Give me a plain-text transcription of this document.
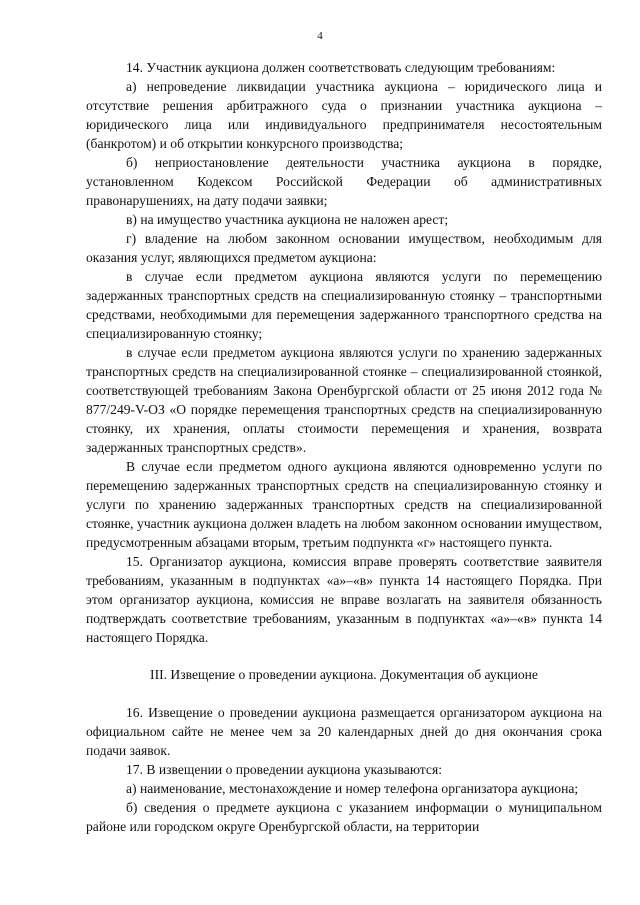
4

14. Участник аукциона должен соответствовать следующим требованиям:

а) непроведение ликвидации участника аукциона – юридического лица и отсутствие решения арбитражного суда о признании участника аукциона – юридического лица или индивидуального предпринимателя несостоятельным (банкротом) и об открытии конкурсного производства;

б) неприостановление деятельности участника аукциона в порядке, установленном Кодексом Российской Федерации об административных правонарушениях, на дату подачи заявки;

в) на имущество участника аукциона не наложен арест;

г) владение на любом законном основании имуществом, необходимым для оказания услуг, являющихся предметом аукциона:

в случае если предметом аукциона являются услуги по перемещению задержанных транспортных средств на специализированную стоянку – транспортными средствами, необходимыми для перемещения задержанного транспортного средства на специализированную стоянку;

в случае если предметом аукциона являются услуги по хранению задержанных транспортных средств на специализированной стоянке – специализированной стоянкой, соответствующей требованиям Закона Оренбургской области от 25 июня 2012 года № 877/249-V-ОЗ «О порядке перемещения транспортных средств на специализированную стоянку, их хранения, оплаты стоимости перемещения и хранения, возврата задержанных транспортных средств».

В случае если предметом одного аукциона являются одновременно услуги по перемещению задержанных транспортных средств на специализированную стоянку и услуги по хранению задержанных транспортных средств на специализированной стоянке, участник аукциона должен владеть на любом законном основании имуществом, предусмотренным абзацами вторым, третьим подпункта «г» настоящего пункта.

15. Организатор аукциона, комиссия вправе проверять соответствие заявителя требованиям, указанным в подпунктах «а»–«в» пункта 14 настоящего Порядка. При этом организатор аукциона, комиссия не вправе возлагать на заявителя обязанность подтверждать соответствие требованиям, указанным в подпунктах «а»–«в» пункта 14 настоящего Порядка.

III. Извещение о проведении аукциона. Документация об аукционе

16. Извещение о проведении аукциона размещается организатором аукциона на официальном сайте не менее чем за 20 календарных дней до дня окончания срока подачи заявок.

17. В извещении о проведении аукциона указываются:

а) наименование, местонахождение и номер телефона организатора аукциона;

б) сведения о предмете аукциона с указанием информации о муниципальном районе или городском округе Оренбургской области, на территории
